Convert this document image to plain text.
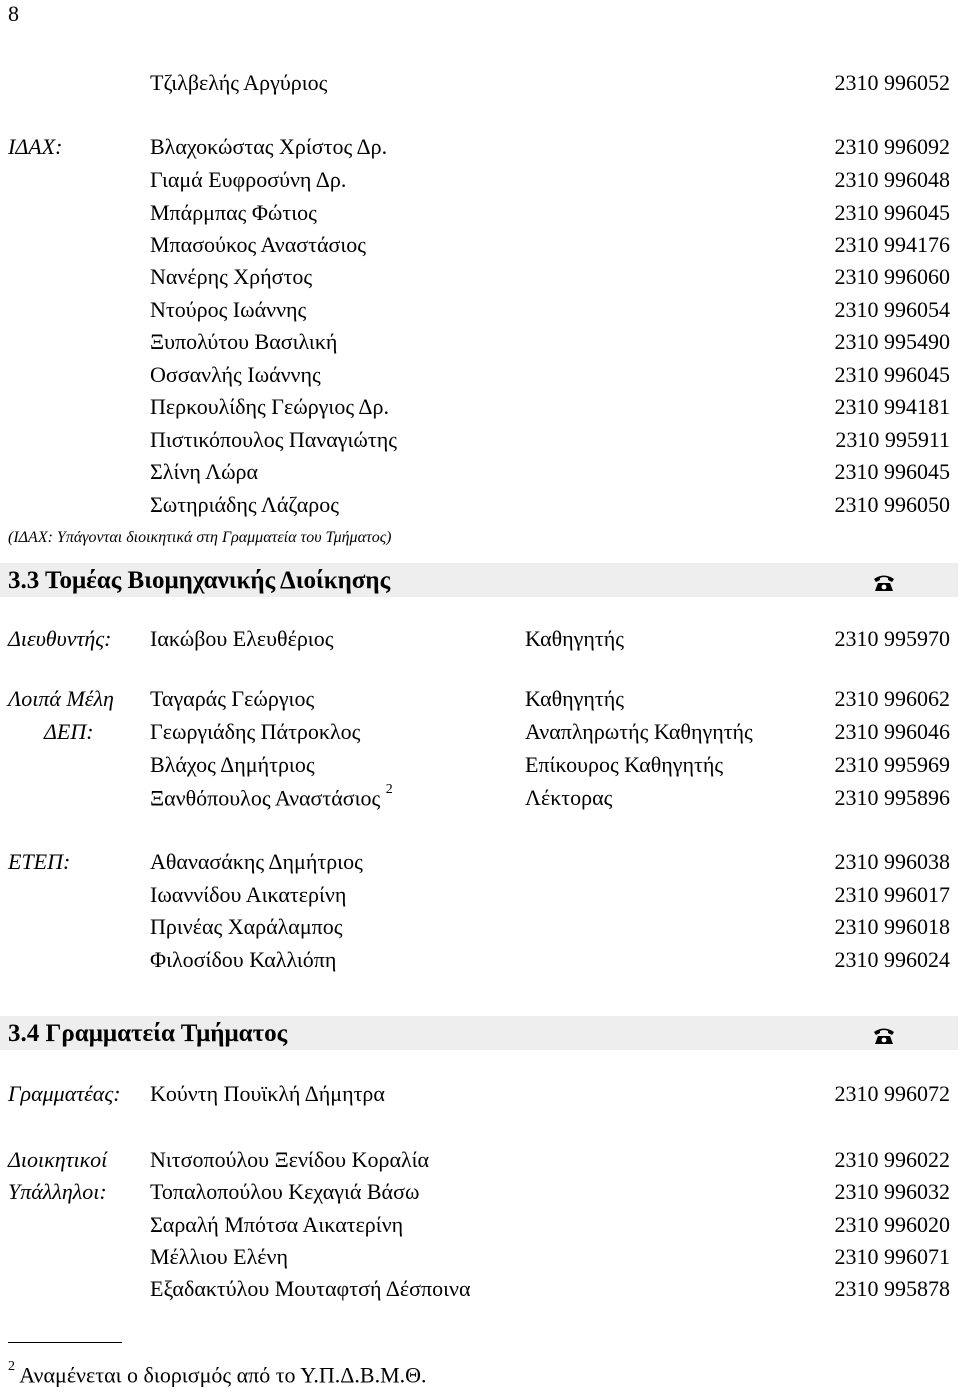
8
Τζιλβελής Αργύριος	2310 996052
ΙΔΑΧ:	Βλαχοκώστας Χρίστος Δρ.	2310 996092
Γιαμά Ευφροσύνη Δρ.	2310 996048
Μπάρμπας Φώτιος	2310 996045
Μπασούκος Αναστάσιος	2310 994176
Νανέρης Χρήστος	2310 996060
Ντούρος Ιωάννης	2310 996054
Ξυπολύτου Βασιλική	2310 995490
Οσσανλής Ιωάννης	2310 996045
Περκουλίδης Γεώργιος Δρ.	2310 994181
Πιστικόπουλος Παναγιώτης	2310 995911
Σλίνη Λώρα	2310 996045
Σωτηριάδης Λάζαρος	2310 996050
(ΙΔΑΧ: Υπάγονται διοικητικά στη Γραμματεία του Τμήματος)
3.3 Τομέας Βιομηχανικής Διοίκησης
Διευθυντής: Ιακώβου Ελευθέριος	Καθηγητής	2310 995970
Λοιπά Μέλη
ΔΕΠ:
Ταγαράς Γεώργιος	Καθηγητής	2310 996062
Γεωργιάδης Πάτροκλος	Αναπληρωτής Καθηγητής	2310 996046
Βλάχος Δημήτριος	Επίκουρος Καθηγητής	2310 995969
Ξανθόπουλος Αναστάσιος $^2$	Λέκτορας	2310 995896
ΕΤΕΠ:	Αθανασάκης Δημήτριος	2310 996038
Ιωαννίδου Αικατερίνη	2310 996017
Πρινέας Χαράλαμπος	2310 996018
Φιλοσίδου Καλλιόπη	2310 996024
3.4 Γραμματεία Τμήματος
Γραμματέας: Κούντη Πουϊκλή Δήμητρα	2310 996072
Διοικητικοί
Υπάλληλοι:
Νιτσοπούλου Ξενίδου Κοραλία	2310 996022
Τοπαλοπούλου Κεχαγιά Βάσω	2310 996032
Σαραλή Μπότσα Αικατερίνη	2310 996020
Μέλλιου Ελένη	2310 996071
Εξαδακτύλου Μουταφτσή Δέσποινα	2310 995878
$^2$ Αναμένεται ο διορισμός από το Υ.Π.Δ.Β.Μ.Θ.
